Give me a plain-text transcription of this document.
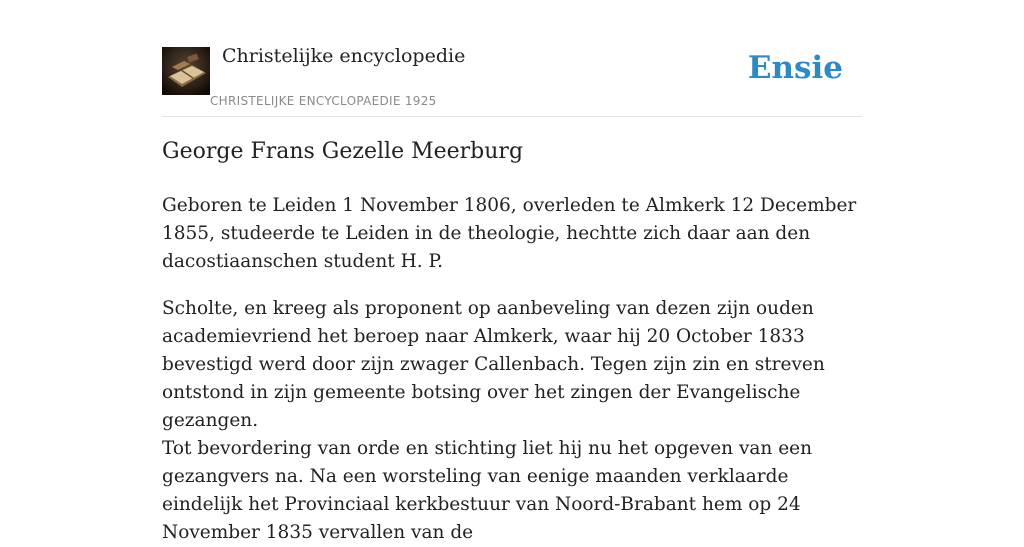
Christelijke encyclopedie
CHRISTELIJKE ENCYCLOPAEDIE 1925
Ensie
George Frans Gezelle Meerburg

Geboren te Leiden 1 November 1806, overleden te Almkerk 12 December 1855, studeerde te Leiden in de theologie, hechtte zich daar aan den dacostiaanschen student H. P.

Scholte, en kreeg als proponent op aanbeveling van dezen zijn ouden academievriend het beroep naar Almkerk, waar hij 20 October 1833 bevestigd werd door zijn zwager Callenbach. Tegen zijn zin en streven ontstond in zijn gemeente botsing over het zingen der Evangelische gezangen.

Tot bevordering van orde en stichting liet hij nu het opgeven van een gezangvers na. Na een worsteling van eenige maanden verklaarde eindelijk het Provinciaal kerkbestuur van Noord-Brabant hem op 24 November 1835 vervallen van de
